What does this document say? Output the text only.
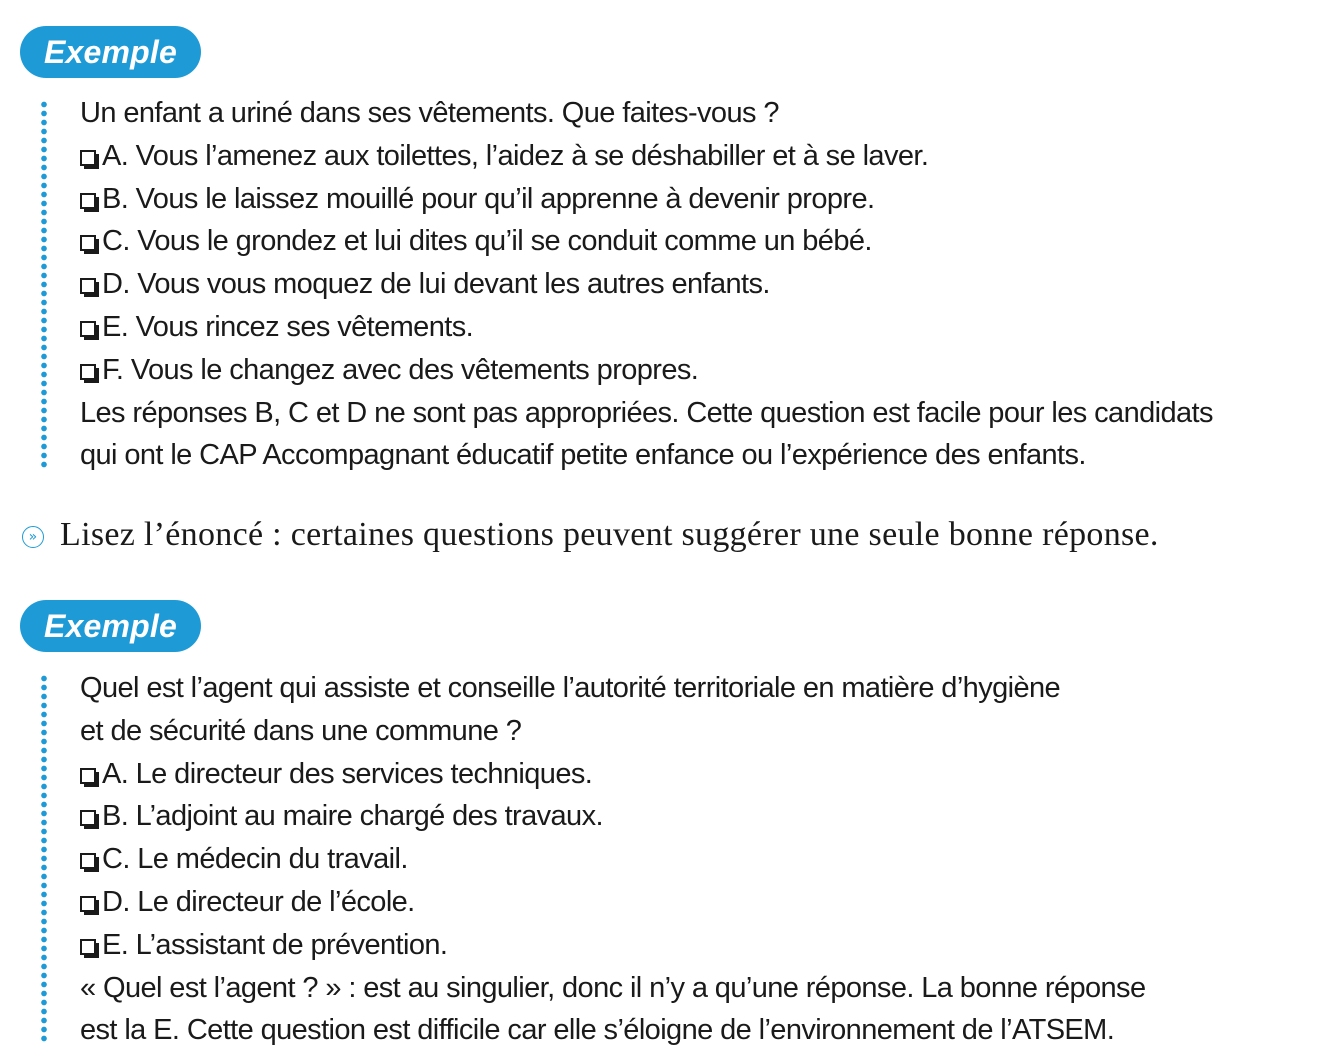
Exemple
Un enfant a uriné dans ses vêtements. Que faites-vous ?
A. Vous l’amenez aux toilettes, l’aidez à se déshabiller et à se laver.
B. Vous le laissez mouillé pour qu’il apprenne à devenir propre.
C. Vous le grondez et lui dites qu’il se conduit comme un bébé.
D. Vous vous moquez de lui devant les autres enfants.
E. Vous rincez ses vêtements.
F. Vous le changez avec des vêtements propres.
Les réponses B, C et D ne sont pas appropriées. Cette question est facile pour les candidats
qui ont le CAP Accompagnant éducatif petite enfance ou l’expérience des enfants.
» Lisez l’énoncé : certaines questions peuvent suggérer une seule bonne réponse.
Exemple
Quel est l’agent qui assiste et conseille l’autorité territoriale en matière d’hygiène
et de sécurité dans une commune ?
A. Le directeur des services techniques.
B. L’adjoint au maire chargé des travaux.
C. Le médecin du travail.
D. Le directeur de l’école.
E. L’assistant de prévention.
« Quel est l’agent ? » : est au singulier, donc il n’y a qu’une réponse. La bonne réponse
est la E. Cette question est difficile car elle s’éloigne de l’environnement de l’ATSEM.
